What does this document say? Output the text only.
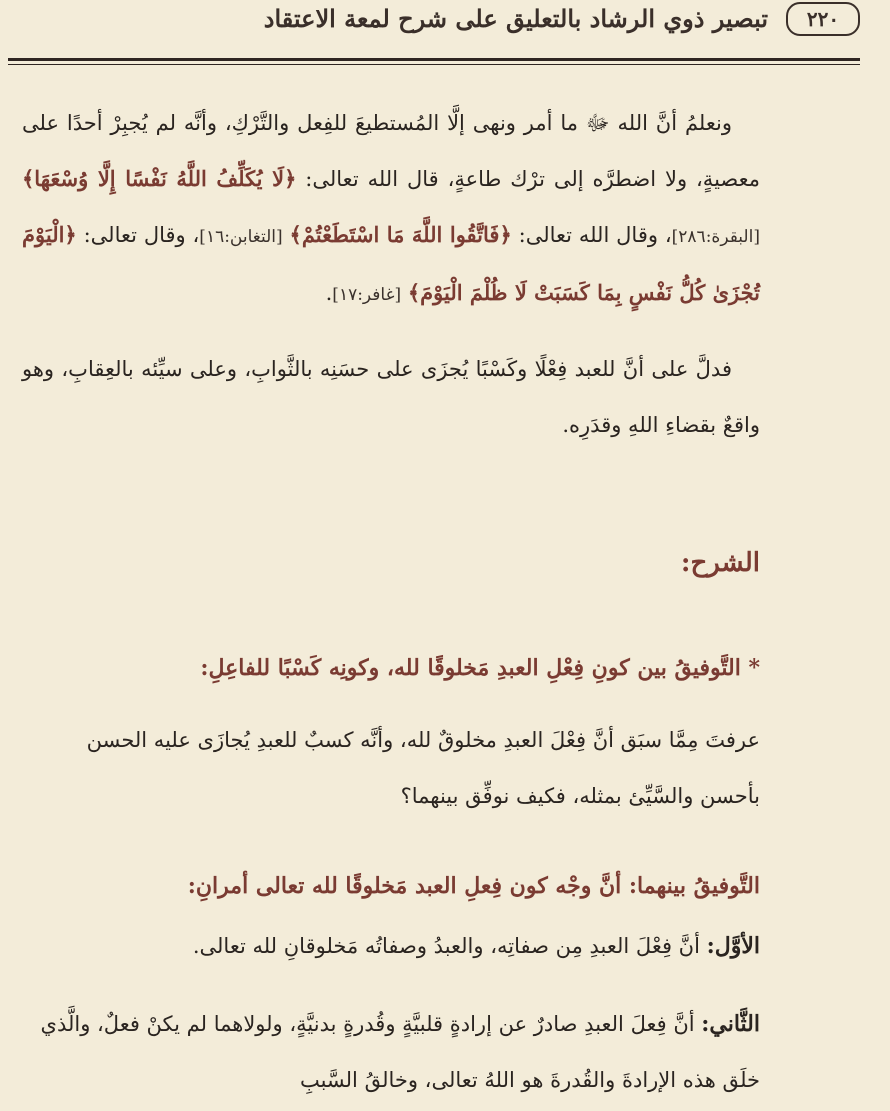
٢٢٠
تبصير ذوي الرشاد بالتعليق على شرح لمعة الاعتقاد

ونعلمُ أنَّ الله ﷻ ما أمر ونهى إلَّا المُستطيعَ للفِعل والتَّرْكِ، وأنَّه لم يُجبِرْ أحدًا على معصيةٍ، ولا اضطرَّه إلى ترْك طاعةٍ، قال الله تعالى: ﴿لَا يُكَلِّفُ اللَّهُ نَفْسًا إِلَّا وُسْعَهَا﴾ [البقرة:٢٨٦]، وقال الله تعالى: ﴿فَاتَّقُوا اللَّهَ مَا اسْتَطَعْتُمْ﴾ [التغابن:١٦]، وقال تعالى: ﴿الْيَوْمَ تُجْزَىٰ كُلُّ نَفْسٍ بِمَا كَسَبَتْ لَا ظُلْمَ الْيَوْمَ﴾ [غافر:١٧].

فدلَّ على أنَّ للعبد فِعْلًا وكَسْبًا يُجزَى على حسَنِه بالثَّوابِ، وعلى سيِّئه بالعِقابِ، وهو واقعٌ بقضاءِ اللهِ وقدَرِه.

الشرح:

* التَّوفيقُ بين كونِ فِعْلِ العبدِ مَخلوقًا لله، وكونِه كَسْبًا للفاعِلِ:

عرفتَ مِمَّا سبَق أنَّ فِعْلَ العبدِ مخلوقٌ لله، وأنَّه كسبٌ للعبدِ يُجازَى عليه الحسن بأحسن والسَّيِّئ بمثله، فكيف نوفِّق بينهما؟

التَّوفيقُ بينهما: أنَّ وجْه كون فِعلِ العبد مَخلوقًا لله تعالى أمرانِ:

الأوَّل: أنَّ فِعْلَ العبدِ مِن صفاتِه، والعبدُ وصفاتُه مَخلوقانِ لله تعالى.

الثَّاني: أنَّ فِعلَ العبدِ صادرٌ عن إرادةٍ قلبيَّةٍ وقُدرةٍ بدنيَّةٍ، ولولاهما لم يكنْ فعلٌ، والَّذي خلَق هذه الإرادةَ والقُدرةَ هو اللهُ تعالى، وخالقُ السَّببِ
